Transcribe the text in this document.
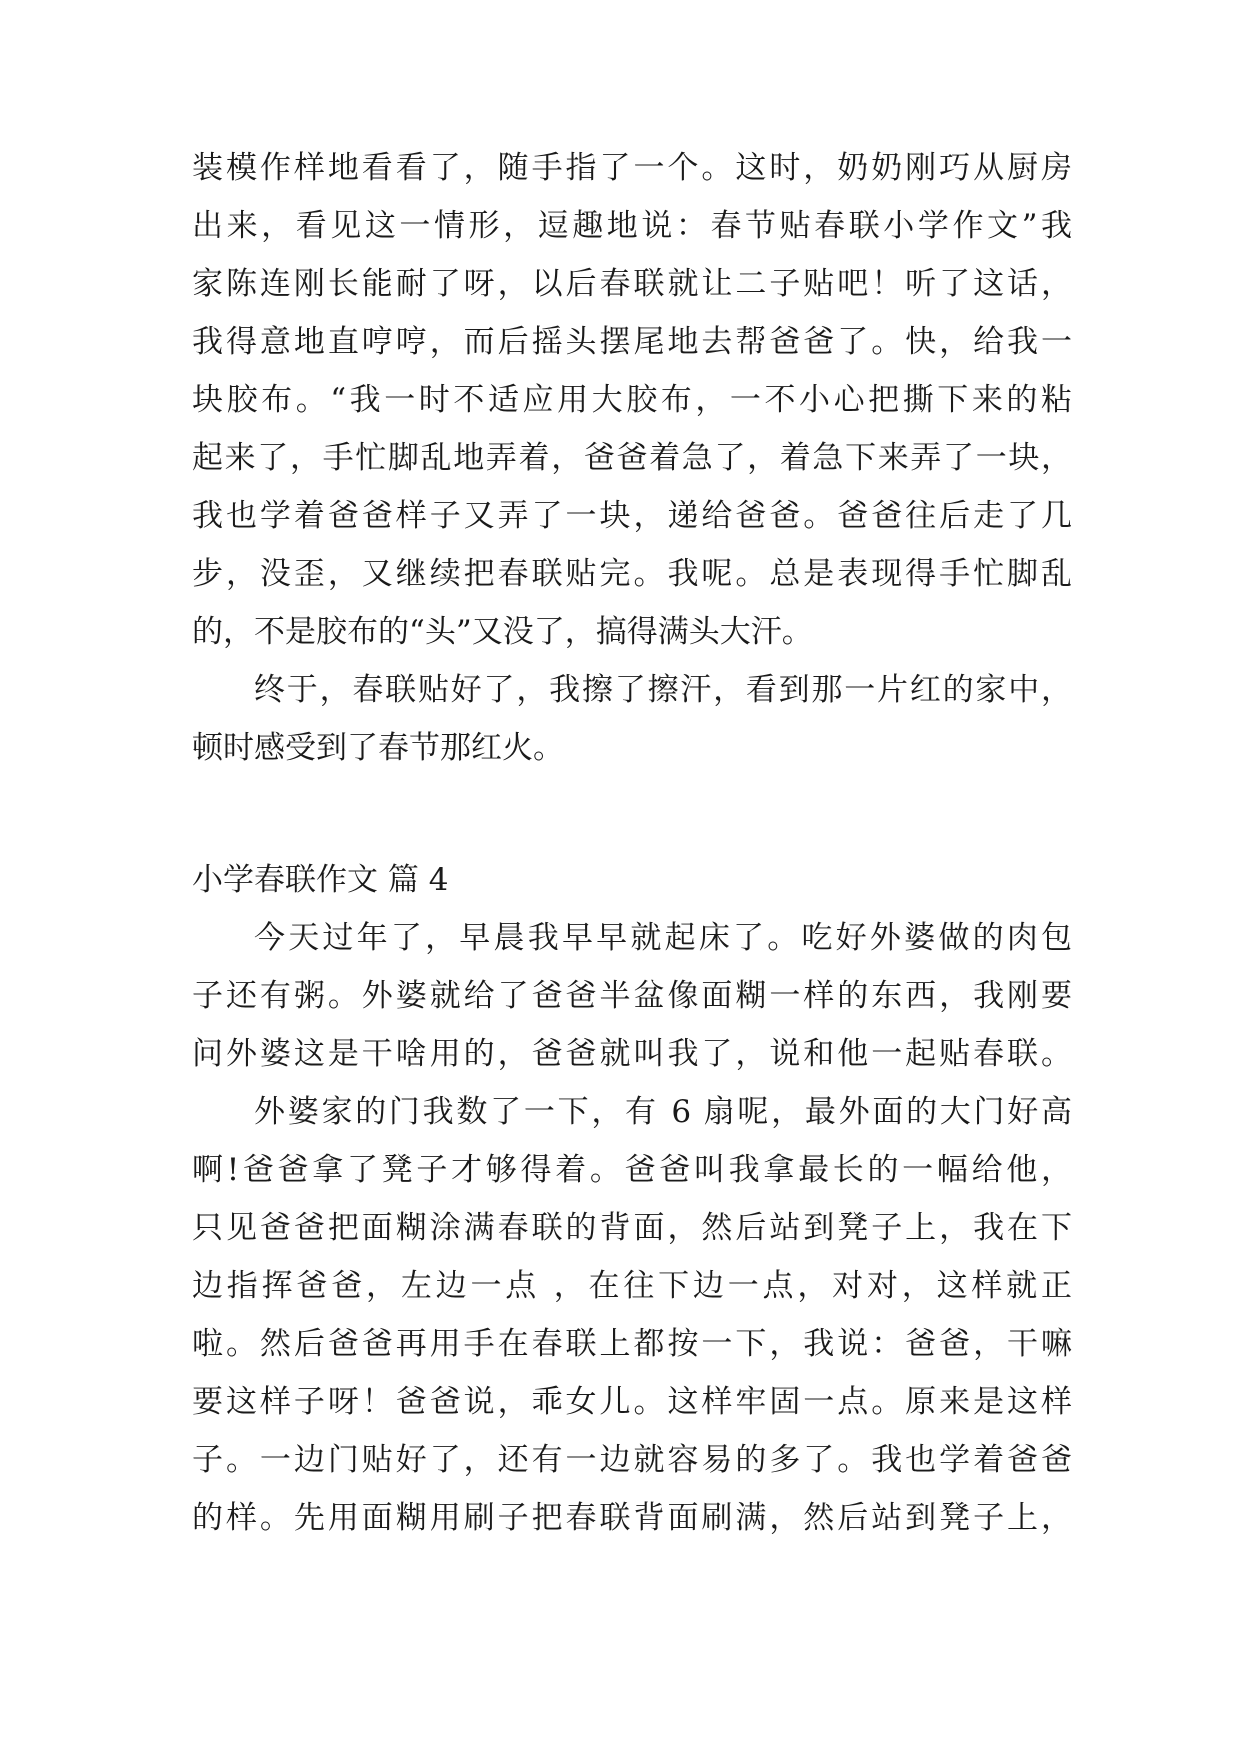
装模作样地看看了，随手指了一个。这时，奶奶刚巧从厨房

出来，看见这一情形，逗趣地说：春节贴春联小学作文”我

家陈连刚长能耐了呀，以后春联就让二子贴吧！听了这话，

我得意地直哼哼，而后摇头摆尾地去帮爸爸了。快，给我一

块胶布。“我一时不适应用大胶布，一不小心把撕下来的粘

起来了，手忙脚乱地弄着，爸爸着急了，着急下来弄了一块，

我也学着爸爸样子又弄了一块，递给爸爸。爸爸往后走了几

步，没歪，又继续把春联贴完。我呢。总是表现得手忙脚乱

的，不是胶布的“头”又没了，搞得满头大汗。

终于，春联贴好了，我擦了擦汗，看到那一片红的家中，

顿时感受到了春节那红火。

小学春联作文 篇 4

今天过年了，早晨我早早就起床了。吃好外婆做的肉包

子还有粥。外婆就给了爸爸半盆像面糊一样的东西，我刚要

问外婆这是干啥用的，爸爸就叫我了，说和他一起贴春联。

外婆家的门我数了一下，有 6 扇呢，最外面的大门好高

啊!爸爸拿了凳子才够得着。爸爸叫我拿最长的一幅给他，

只见爸爸把面糊涂满春联的背面，然后站到凳子上，我在下

边指挥爸爸，左边一点 ，在往下边一点，对对，这样就正

啦。然后爸爸再用手在春联上都按一下，我说：爸爸，干嘛

要这样子呀！爸爸说，乖女儿。这样牢固一点。原来是这样

子。一边门贴好了，还有一边就容易的多了。我也学着爸爸

的样。先用面糊用刷子把春联背面刷满，然后站到凳子上，
